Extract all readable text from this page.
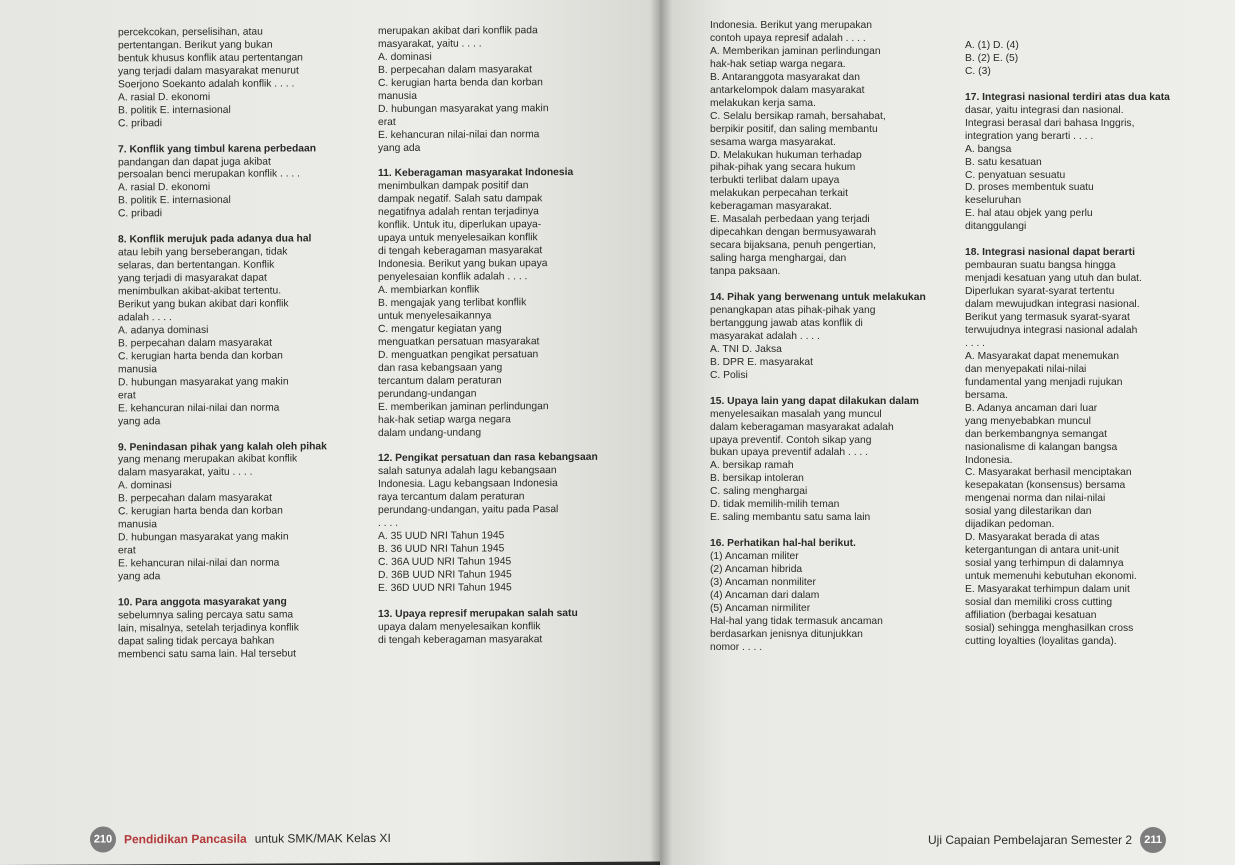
percekcokan, perselisihan, atau

pertentangan. Berikut yang bukan

bentuk khusus konflik atau pertentangan

yang terjadi dalam masyarakat menurut

Soerjono Soekanto adalah konflik . . . .

A. rasial D. ekonomi

B. politik E. internasional

C. pribadi

7. Konflik yang timbul karena perbedaan

pandangan dan dapat juga akibat

persoalan benci merupakan konflik . . . .

A. rasial D. ekonomi

B. politik E. internasional

C. pribadi

8. Konflik merujuk pada adanya dua hal

atau lebih yang berseberangan, tidak

selaras, dan bertentangan. Konflik

yang terjadi di masyarakat dapat

menimbulkan akibat-akibat tertentu.

Berikut yang bukan akibat dari konflik

adalah . . . .

A. adanya dominasi

B. perpecahan dalam masyarakat

C. kerugian harta benda dan korban

manusia

D. hubungan masyarakat yang makin

erat

E. kehancuran nilai-nilai dan norma

yang ada

9. Penindasan pihak yang kalah oleh pihak

yang menang merupakan akibat konflik

dalam masyarakat, yaitu . . . .

A. dominasi

B. perpecahan dalam masyarakat

C. kerugian harta benda dan korban

manusia

D. hubungan masyarakat yang makin

erat

E. kehancuran nilai-nilai dan norma

yang ada

10. Para anggota masyarakat yang

sebelumnya saling percaya satu sama

lain, misalnya, setelah terjadinya konflik

dapat saling tidak percaya bahkan

membenci satu sama lain. Hal tersebut

merupakan akibat dari konflik pada

masyarakat, yaitu . . . .

A. dominasi

B. perpecahan dalam masyarakat

C. kerugian harta benda dan korban

manusia

D. hubungan masyarakat yang makin

erat

E. kehancuran nilai-nilai dan norma

yang ada

11. Keberagaman masyarakat Indonesia

menimbulkan dampak positif dan

dampak negatif. Salah satu dampak

negatifnya adalah rentan terjadinya

konflik. Untuk itu, diperlukan upaya-

upaya untuk menyelesaikan konflik

di tengah keberagaman masyarakat

Indonesia. Berikut yang bukan upaya

penyelesaian konflik adalah . . . .

A. membiarkan konflik

B. mengajak yang terlibat konflik

untuk menyelesaikannya

C. mengatur kegiatan yang

menguatkan persatuan masyarakat

D. menguatkan pengikat persatuan

dan rasa kebangsaan yang

tercantum dalam peraturan

perundang-undangan

E. memberikan jaminan perlindungan

hak-hak setiap warga negara

dalam undang-undang

12. Pengikat persatuan dan rasa kebangsaan

salah satunya adalah lagu kebangsaan

Indonesia. Lagu kebangsaan Indonesia

raya tercantum dalam peraturan

perundang-undangan, yaitu pada Pasal

. . . .

A. 35 UUD NRI Tahun 1945

B. 36 UUD NRI Tahun 1945

C. 36A UUD NRI Tahun 1945

D. 36B UUD NRI Tahun 1945

E. 36D UUD NRI Tahun 1945

13. Upaya represif merupakan salah satu

upaya dalam menyelesaikan konflik

di tengah keberagaman masyarakat

210 Pendidikan Pancasila untuk SMK/MAK Kelas XI

Indonesia. Berikut yang merupakan

contoh upaya represif adalah . . . .

A. Memberikan jaminan perlindungan

hak-hak setiap warga negara.

B. Antaranggota masyarakat dan

antarkelompok dalam masyarakat

melakukan kerja sama.

C. Selalu bersikap ramah, bersahabat,

berpikir positif, dan saling membantu

sesama warga masyarakat.

D. Melakukan hukuman terhadap

pihak-pihak yang secara hukum

terbukti terlibat dalam upaya

melakukan perpecahan terkait

keberagaman masyarakat.

E. Masalah perbedaan yang terjadi

dipecahkan dengan bermusyawarah

secara bijaksana, penuh pengertian,

saling harga menghargai, dan

tanpa paksaan.

14. Pihak yang berwenang untuk melakukan

penangkapan atas pihak-pihak yang

bertanggung jawab atas konflik di

masyarakat adalah . . . .

A. TNI D. Jaksa

B. DPR E. masyarakat

C. Polisi

15. Upaya lain yang dapat dilakukan dalam

menyelesaikan masalah yang muncul

dalam keberagaman masyarakat adalah

upaya preventif. Contoh sikap yang

bukan upaya preventif adalah . . . .

A. bersikap ramah

B. bersikap intoleran

C. saling menghargai

D. tidak memilih-milih teman

E. saling membantu satu sama lain

16. Perhatikan hal-hal berikut.

(1) Ancaman militer

(2) Ancaman hibrida

(3) Ancaman nonmiliter

(4) Ancaman dari dalam

(5) Ancaman nirmiliter

Hal-hal yang tidak termasuk ancaman

berdasarkan jenisnya ditunjukkan

nomor . . . .

A. (1) D. (4)

B. (2) E. (5)

C. (3)

17. Integrasi nasional terdiri atas dua kata

dasar, yaitu integrasi dan nasional.

Integrasi berasal dari bahasa Inggris,

integration yang berarti . . . .

A. bangsa

B. satu kesatuan

C. penyatuan sesuatu

D. proses membentuk suatu

keseluruhan

E. hal atau objek yang perlu

ditanggulangi

18. Integrasi nasional dapat berarti

pembauran suatu bangsa hingga

menjadi kesatuan yang utuh dan bulat.

Diperlukan syarat-syarat tertentu

dalam mewujudkan integrasi nasional.

Berikut yang termasuk syarat-syarat

terwujudnya integrasi nasional adalah

. . . .

A. Masyarakat dapat menemukan

dan menyepakati nilai-nilai

fundamental yang menjadi rujukan

bersama.

B. Adanya ancaman dari luar

yang menyebabkan muncul

dan berkembangnya semangat

nasionalisme di kalangan bangsa

Indonesia.

C. Masyarakat berhasil menciptakan

kesepakatan (konsensus) bersama

mengenai norma dan nilai-nilai

sosial yang dilestarikan dan

dijadikan pedoman.

D. Masyarakat berada di atas

ketergantungan di antara unit-unit

sosial yang terhimpun di dalamnya

untuk memenuhi kebutuhan ekonomi.

E. Masyarakat terhimpun dalam unit

sosial dan memiliki cross cutting

affiliation (berbagai kesatuan

sosial) sehingga menghasilkan cross

cutting loyalties (loyalitas ganda).

Uji Capaian Pembelajaran Semester 2	211
